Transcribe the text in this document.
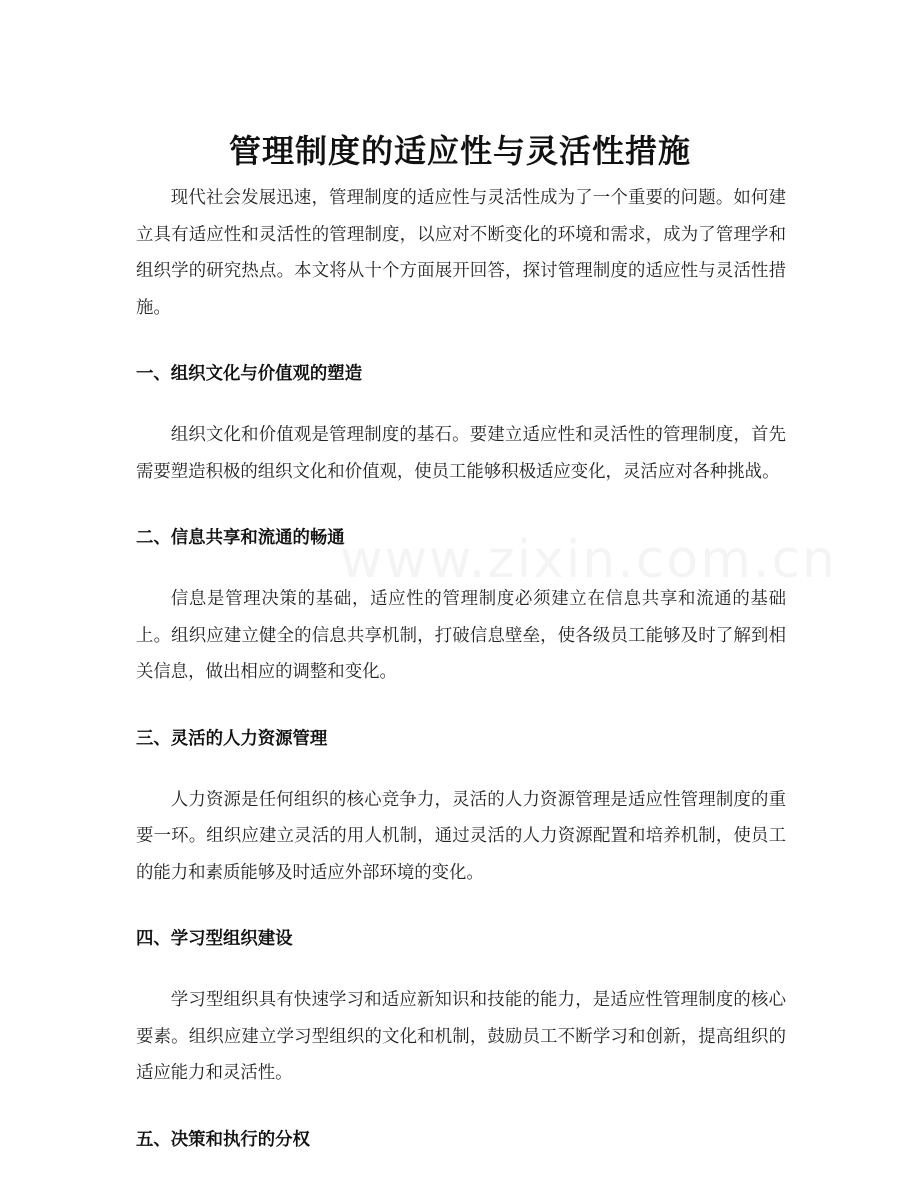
管理制度的适应性与灵活性措施

现代社会发展迅速，管理制度的适应性与灵活性成为了一个重要的问题。如何建立具有适应性和灵活性的管理制度，以应对不断变化的环境和需求，成为了管理学和组织学的研究热点。本文将从十个方面展开回答，探讨管理制度的适应性与灵活性措施。

一、组织文化与价值观的塑造

组织文化和价值观是管理制度的基石。要建立适应性和灵活性的管理制度，首先需要塑造积极的组织文化和价值观，使员工能够积极适应变化，灵活应对各种挑战。

二、信息共享和流通的畅通

信息是管理决策的基础，适应性的管理制度必须建立在信息共享和流通的基础上。组织应建立健全的信息共享机制，打破信息壁垒，使各级员工能够及时了解到相关信息，做出相应的调整和变化。

三、灵活的人力资源管理

人力资源是任何组织的核心竞争力，灵活的人力资源管理是适应性管理制度的重要一环。组织应建立灵活的用人机制，通过灵活的人力资源配置和培养机制，使员工的能力和素质能够及时适应外部环境的变化。

四、学习型组织建设

学习型组织具有快速学习和适应新知识和技能的能力，是适应性管理制度的核心要素。组织应建立学习型组织的文化和机制，鼓励员工不断学习和创新，提高组织的适应能力和灵活性。

五、决策和执行的分权
